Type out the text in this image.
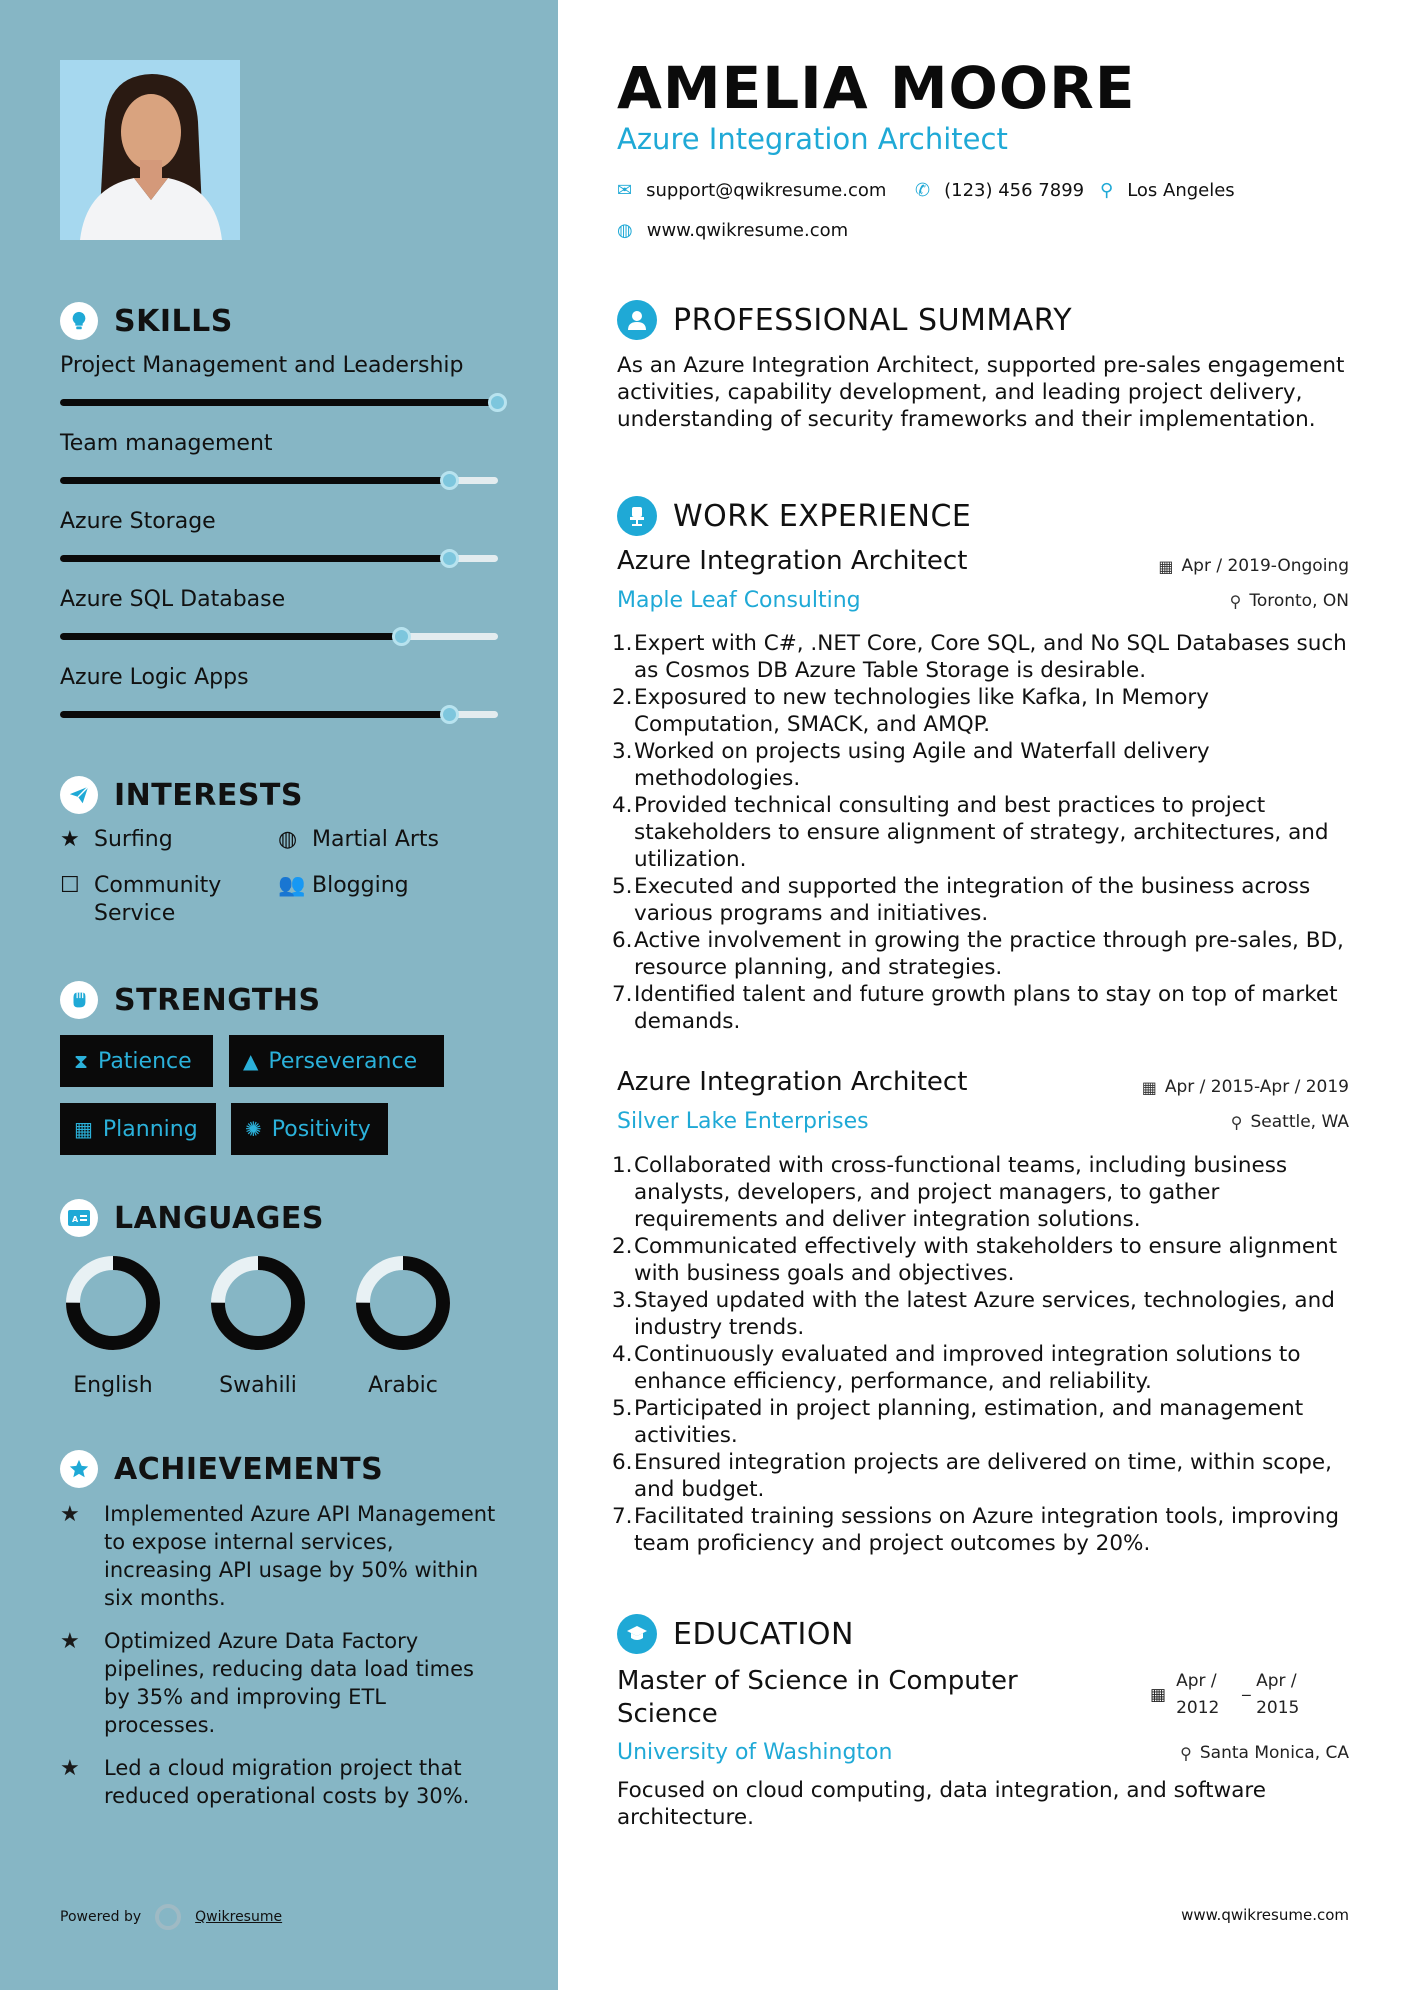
SKILLS
Project Management and Leadership
Team management
Azure Storage
Azure SQL Database
Azure Logic Apps
INTERESTS
★ Surfing	◍ Martial Arts
☐ Community Service
👥 Blogging
STRENGTHS
⧗ Patience	▲ Perseverance
▦ Planning ✺ Positivity
A LANGUAGES
English	Swahili	Arabic
ACHIEVEMENTS
★	Implemented Azure API Management to expose internal services, increasing API usage by 50% within six months.
★	Optimized Azure Data Factory pipelines, reducing data load times by 35% and improving ETL processes.
★	Led a cloud migration project that reduced operational costs by 30%.
Powered by	Qwikresume
AMELIA MOORE
Azure Integration Architect
✉ support@qwikresume.com ✆ (123) 456 7899 ⚲ Los Angeles
◍ www.qwikresume.com
PROFESSIONAL SUMMARY
As an Azure Integration Architect, supported pre-sales engagement activities, capability development, and leading project delivery, understanding of security frameworks and their implementation.
WORK EXPERIENCE
Azure Integration Architect	▦ Apr / 2019-Ongoing
Maple Leaf Consulting	⚲ Toronto, ON
1. Expert with C#, .NET Core, Core SQL, and No SQL Databases such as Cosmos DB Azure Table Storage is desirable.
2. Exposured to new technologies like Kafka, In Memory Computation, SMACK, and AMQP.
3. Worked on projects using Agile and Waterfall delivery methodologies.
4. Provided technical consulting and best practices to project stakeholders to ensure alignment of strategy, architectures, and utilization.
5. Executed and supported the integration of the business across various programs and initiatives.
6. Active involvement in growing the practice through pre-sales, BD, resource planning, and strategies.
7. Identified talent and future growth plans to stay on top of market demands.
Azure Integration Architect	▦ Apr / 2015-Apr / 2019
Silver Lake Enterprises	⚲ Seattle, WA
1. Collaborated with cross-functional teams, including business analysts, developers, and project managers, to gather requirements and deliver integration solutions.
2. Communicated effectively with stakeholders to ensure alignment with business goals and objectives.
3. Stayed updated with the latest Azure services, technologies, and industry trends.
4. Continuously evaluated and improved integration solutions to enhance efficiency, performance, and reliability.
5. Participated in project planning, estimation, and management activities.
6. Ensured integration projects are delivered on time, within scope, and budget.
7. Facilitated training sessions on Azure integration tools, improving team proficiency and project outcomes by 20%.
EDUCATION
Master of Science in Computer Science
▦
Apr / 2012
_ Apr / 2015
University of Washington	⚲ Santa Monica, CA
Focused on cloud computing, data integration, and software architecture.
www.qwikresume.com
